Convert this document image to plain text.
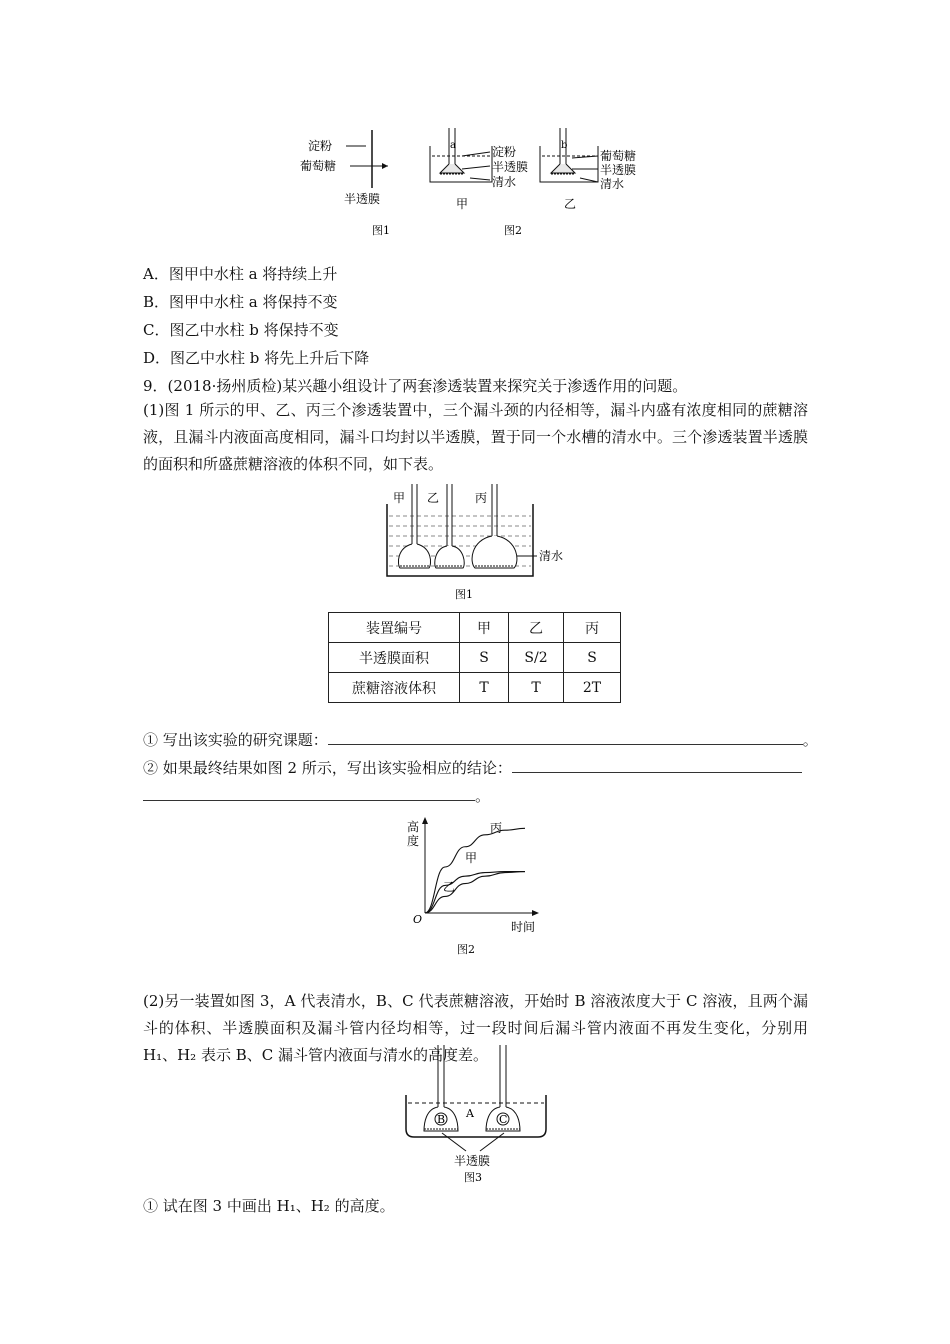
淀粉
葡萄糖
半透膜
a	淀粉
半透膜
清水
甲
b
葡萄糖
半透膜
清水
乙
图1	图2
A．图甲中水柱 a 将持续上升
B．图甲中水柱 a 将保持不变
C．图乙中水柱 b 将保持不变
D．图乙中水柱 b 将先上升后下降
9．(2018·扬州质检)某兴趣小组设计了两套渗透装置来探究关于渗透作用的问题。
(1)图 1 所示的甲、乙、丙三个渗透装置中，三个漏斗颈的内径相等，漏斗内盛有浓度相同的蔗糖溶液，且漏斗内液面高度相同，漏斗口均封以半透膜，置于同一个水槽的清水中。三个渗透装置半透膜的面积和所盛蔗糖溶液的体积不同，如下表。
甲 乙	丙
清水
图1
装置编号	甲	乙	丙
半透膜面积	S	S/2	S
蔗糖溶液体积	T	T	2T
① 写出该实验的研究课题：	。
② 如果最终结果如图 2 所示，写出该实验相应的结论：
。
高
度
时间
O
丙
甲
乙
图2
(2)另一装置如图 3，A 代表清水，B、C 代表蔗糖溶液，开始时 B 溶液浓度大于 C 溶液，且两个漏斗的体积、半透膜面积及漏斗管内径均相等，过一段时间后漏斗管内液面不再发生变化，分别用 H₁、H₂ 表示 B、C 漏斗管内液面与清水的高度差。
B A C
半透膜
图3
① 试在图 3 中画出 H₁、H₂ 的高度。
